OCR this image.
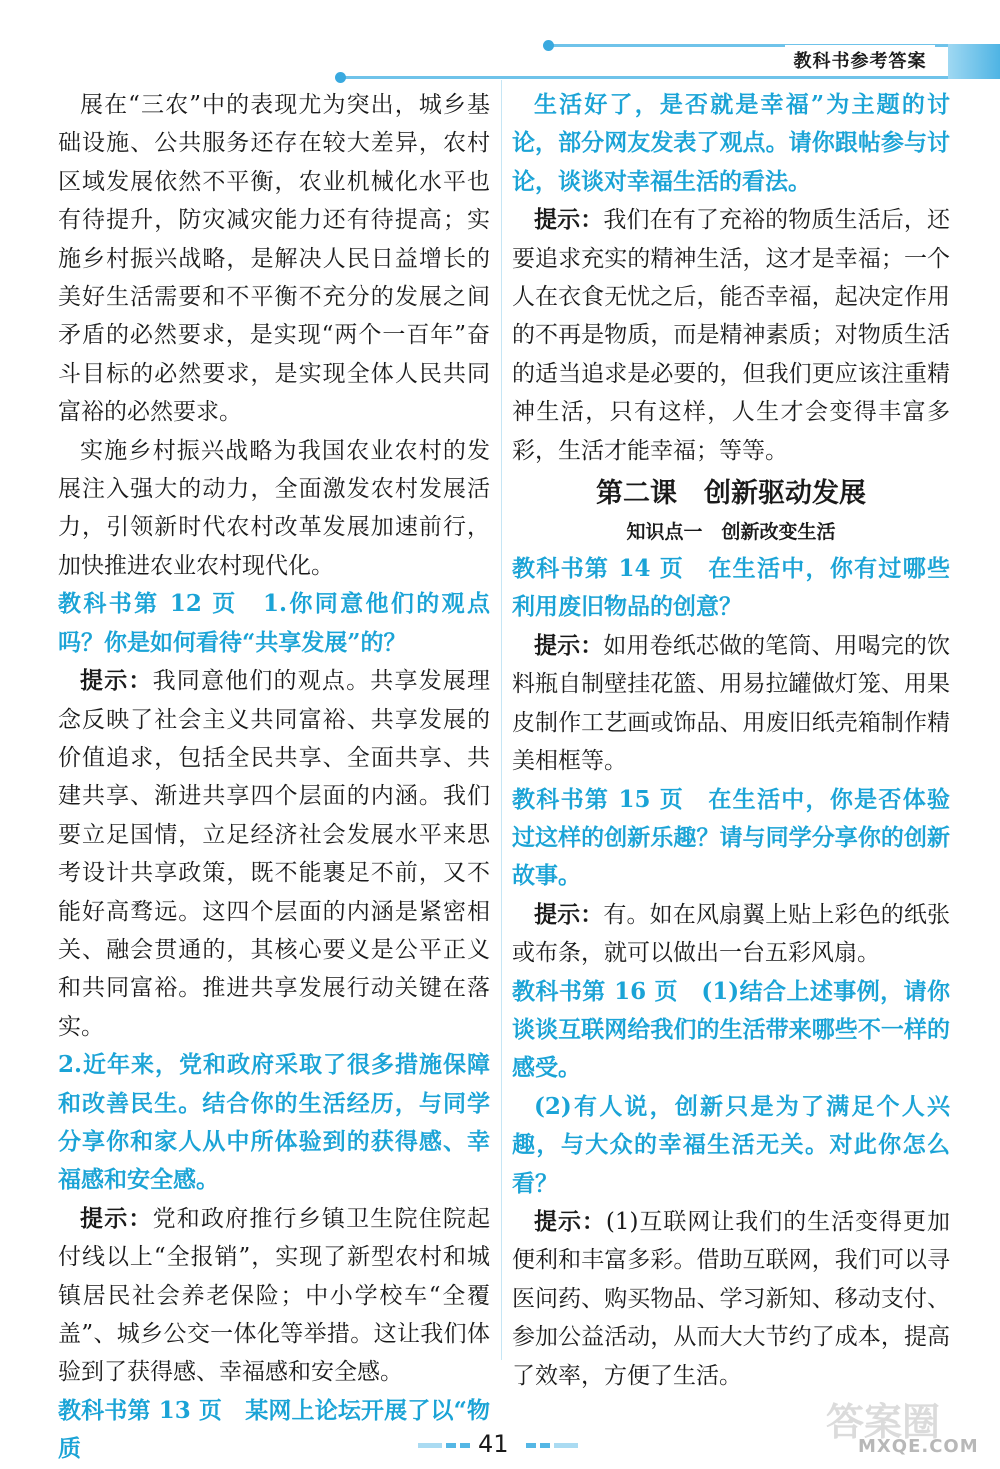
教科书参考答案

展在“三农”中的表现尤为突出，城乡基础设施、公共服务还存在较大差异，农村区域发展依然不平衡，农业机械化水平也有待提升，防灾减灾能力还有待提高；实施乡村振兴战略，是解决人民日益增长的美好生活需要和不平衡不充分的发展之间矛盾的必然要求，是实现“两个一百年”奋斗目标的必然要求，是实现全体人民共同富裕的必然要求。

实施乡村振兴战略为我国农业农村的发展注入强大的动力，全面激发农村发展活力，引领新时代农村改革发展加速前行，加快推进农业农村现代化。

教科书第 12 页　 1.你同意他们的观点吗？你是如何看待“共享发展”的？

提示：我同意他们的观点。共享发展理念反映了社会主义共同富裕、共享发展的价值追求，包括全民共享、全面共享、共建共享、渐进共享四个层面的内涵。我们要立足国情，立足经济社会发展水平来思考设计共享政策，既不能裹足不前，又不能好高骛远。这四个层面的内涵是紧密相关、融会贯通的，其核心要义是公平正义和共同富裕。推进共享发展行动关键在落实。

2.近年来，党和政府采取了很多措施保障和改善民生。结合你的生活经历，与同学分享你和家人从中所体验到的获得感、幸福感和安全感。

提示：党和政府推行乡镇卫生院住院起付线以上“全报销”，实现了新型农村和城镇居民社会养老保险；中小学校车“全覆盖”、城乡公交一体化等举措。这让我们体验到了获得感、幸福感和安全感。

教科书第 13 页　 某网上论坛开展了以“物质

生活好了，是否就是幸福”为主题的讨论，部分网友发表了观点。请你跟帖参与讨论，谈谈对幸福生活的看法。

提示：我们在有了充裕的物质生活后，还要追求充实的精神生活，这才是幸福；一个人在衣食无忧之后，能否幸福，起决定作用的不再是物质，而是精神素质；对物质生活的适当追求是必要的，但我们更应该注重精神生活，只有这样，人生才会变得丰富多彩，生活才能幸福；等等。

第二课　创新驱动发展
知识点一　创新改变生活

教科书第 14 页　 在生活中，你有过哪些利用废旧物品的创意？

提示：如用卷纸芯做的笔筒、用喝完的饮料瓶自制壁挂花篮、用易拉罐做灯笼、用果皮制作工艺画或饰品、用废旧纸壳箱制作精美相框等。

教科书第 15 页　 在生活中，你是否体验过这样的创新乐趣？请与同学分享你的创新故事。

提示：有。如在风扇翼上贴上彩色的纸张或布条，就可以做出一台五彩风扇。

教科书第 16 页　 (1)结合上述事例，请你谈谈互联网给我们的生活带来哪些不一样的感受。

(2)有人说，创新只是为了满足个人兴趣，与大众的幸福生活无关。对此你怎么看？

提示：(1)互联网让我们的生活变得更加便利和丰富多彩。借助互联网，我们可以寻医问药、购买物品、学习新知、移动支付、参加公益活动，从而大大节约了成本，提高了效率，方便了生活。

41	答案圈
MXQE.COM
